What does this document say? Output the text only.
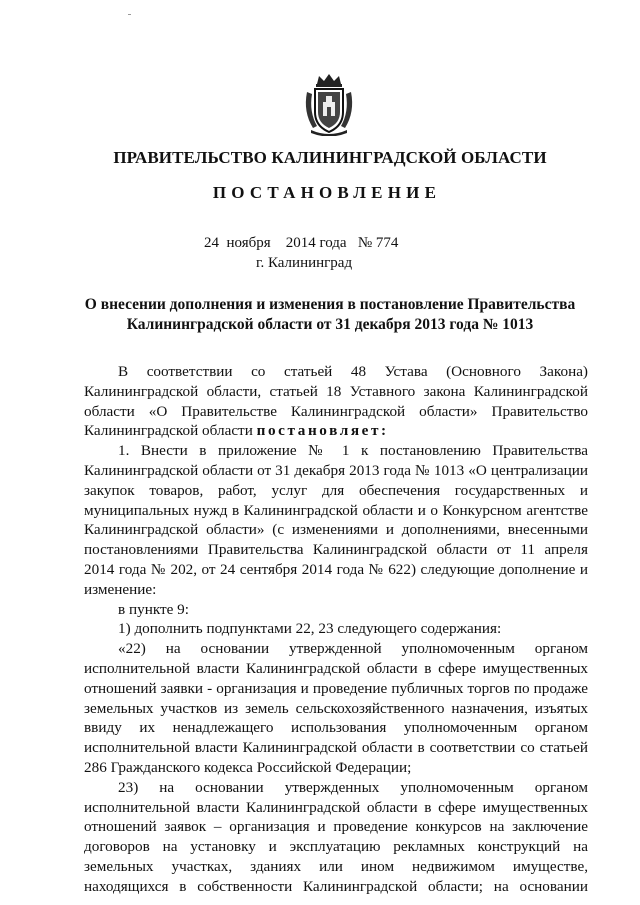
ПРАВИТЕЛЬСТВО КАЛИНИНГРАДСКОЙ ОБЛАСТИ
ПОСТАНОВЛЕНИЕ
24 ноября 2014 года № 774
г. Калининград
О внесении дополнения и изменения в постановление Правительства
Калининградской области от 31 декабря 2013 года № 1013

В соответствии со статьей 48 Устава (Основного Закона)

Калининградской области, статьей 18 Уставного закона Калининградской

области «О Правительстве Калининградской области» Правительство

Калининградской области постановляет:

1. Внести в приложение № 1 к постановлению Правительства

Калининградской области от 31 декабря 2013 года № 1013 «О централизации

закупок товаров, работ, услуг для обеспечения государственных и

муниципальных нужд в Калининградской области и о Конкурсном агентстве

Калининградской области» (с изменениями и дополнениями, внесенными

постановлениями Правительства Калининградской области от 11 апреля

2014 года № 202, от 24 сентября 2014 года № 622) следующие дополнение и

изменение:

в пункте 9:

1) дополнить подпунктами 22, 23 следующего содержания:

«22) на основании утвержденной уполномоченным органом

исполнительной власти Калининградской области в сфере имущественных

отношений заявки - организация и проведение публичных торгов по продаже

земельных участков из земель сельскохозяйственного назначения, изъятых

ввиду их ненадлежащего использования уполномоченным органом

исполнительной власти Калининградской области в соответствии со статьей

286 Гражданского кодекса Российской Федерации;

23) на основании утвержденных уполномоченным органом

исполнительной власти Калининградской области в сфере имущественных

отношений заявок – организация и проведение конкурсов на заключение

договоров на установку и эксплуатацию рекламных конструкций на

земельных участках, зданиях или ином недвижимом имуществе,

находящихся в собственности Калининградской области; на основании
